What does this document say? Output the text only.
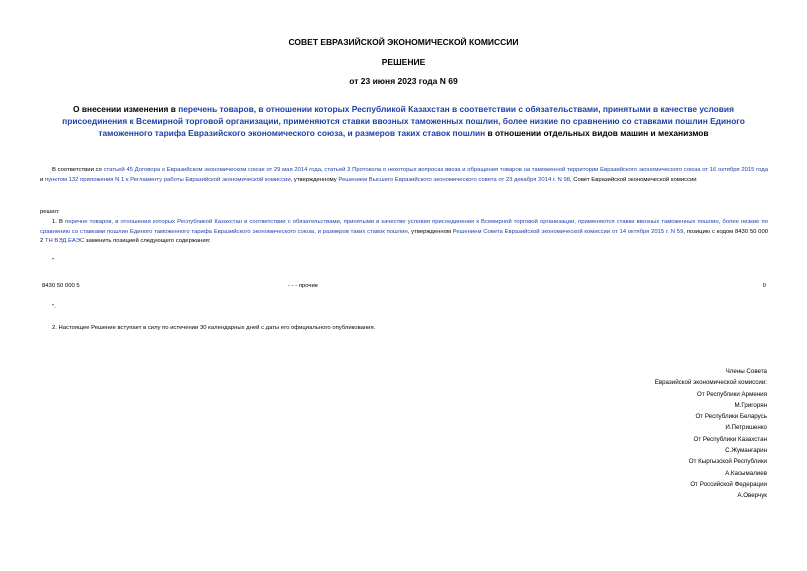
СОВЕТ ЕВРАЗИЙСКОЙ ЭКОНОМИЧЕСКОЙ КОМИССИИ
РЕШЕНИЕ
от 23 июня 2023 года N 69
О внесении изменения в перечень товаров, в отношении которых Республикой Казахстан в соответствии с обязательствами, принятыми в качестве условия присоединения к Всемирной торговой организации, применяются ставки ввозных таможенных пошлин, более низкие по сравнению со ставками пошлин Единого таможенного тарифа Евразийского экономического союза, и размеров таких ставок пошлин в отношении отдельных видов машин и механизмов
В соответствии со статьей 45 Договора о Евразийском экономическом союзе от 29 мая 2014 года, статьей 3 Протокола о некоторых вопросах ввоза и обращения товаров на таможенной территории Евразийского экономического союза от 16 октября 2015 года и пунктом 132 приложения N 1 к Регламенту работы Евразийской экономической комиссии, утвержденному Решением Высшего Евразийского экономического совета от 23 декабря 2014 г. N 98, Совет Евразийской экономической комиссии
решил:
1. В перечне товаров, в отношении которых Республикой Казахстан в соответствии с обязательствами, принятыми в качестве условия присоединения к Всемирной торговой организации, применяются ставки ввозных таможенных пошлин, более низкие по сравнению со ставками пошлин Единого таможенного тарифа Евразийского экономического союза, и размеров таких ставок пошлин, утвержденном Решением Совета Евразийской экономической комиссии от 14 октября 2015 г. N 59, позицию с кодом 8430 50 000 2 ТН ВЭД ЕАЭС заменить позицией следующего содержания:
"
8430 50 000 5	- - - прочие	0
".
2. Настоящее Решение вступает в силу по истечении 30 календарных дней с даты его официального опубликования.
Члены Совета
Евразийской экономической комиссии:
От Республики Армения
М.Григорян
От Республики Беларусь
И.Петришенко
От Республики Казахстан
С.Жумангарин
От Кыргызской Республики
А.Касымалиев
От Российской Федерации
А.Оверчук
